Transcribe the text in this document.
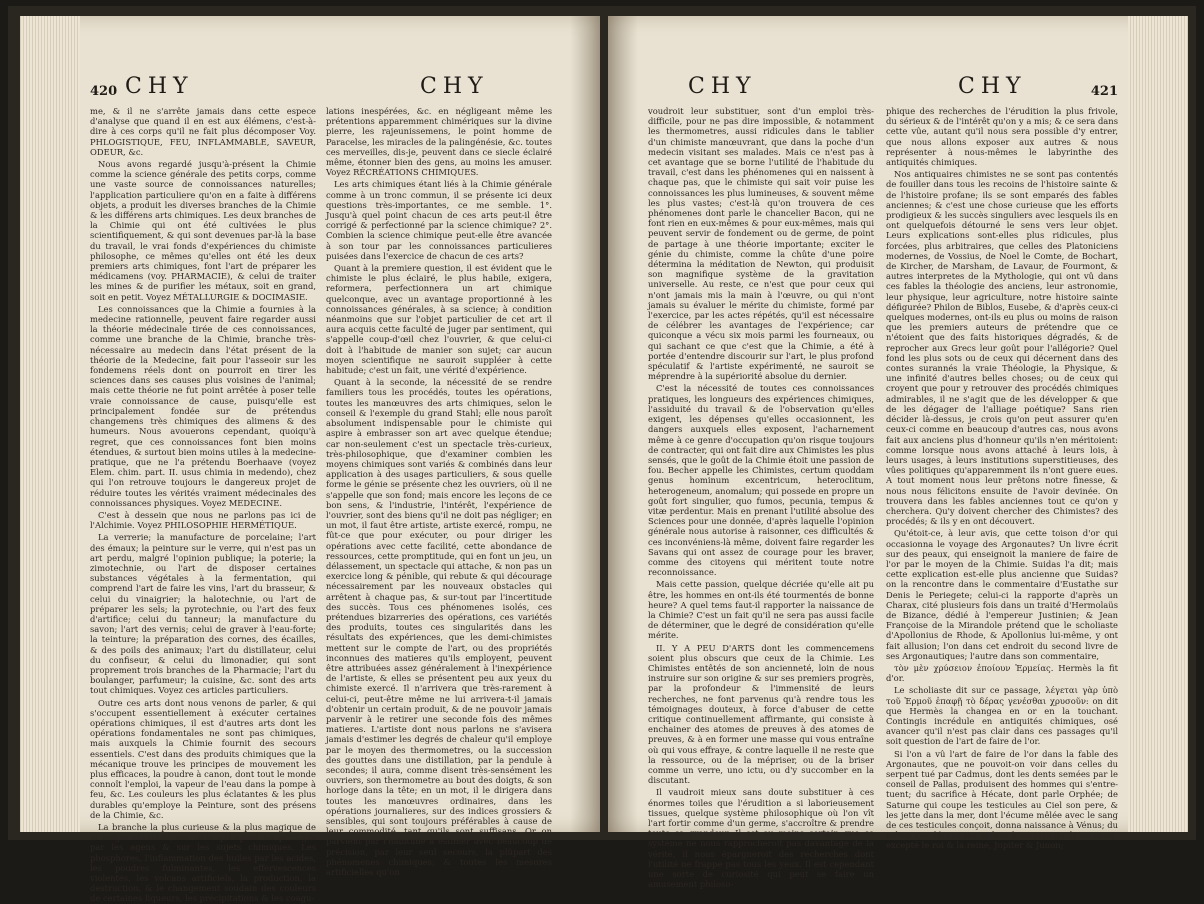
420 CHY	CHY

me, & il ne s'arrête jamais dans cette espece d'analyse que quand il en est aux élémens, c'est-à-dire à ces corps qu'il ne fait plus décomposer Voy. PHLOGISTIQUE, FEU, INFLAMMABLE, SAVEUR, ODEUR, &c.

Nous avons regardé jusqu'à-présent la Chimie comme la science générale des petits corps, comme une vaste source de connoissances naturelles; l'application particuliere qu'on en a faite à différens objets, a produit les diverses branches de la Chimie & les différens arts chimiques. Les deux branches de la Chimie qui ont été cultivées le plus scientifiquement, & qui sont devenues par-là la base du travail, le vrai fonds d'expériences du chimiste philosophe, ce mêmes qu'elles ont été les deux premiers arts chimiques, font l'art de préparer les médicamens (voy. PHARMACIE), & celui de traiter les mines & de purifier les métaux, soit en grand, soit en petit. Voyez MÉTALLURGIE & DOCIMASIE.

Les connoissances que la Chimie a fournies à la medecine rationnelle, peuvent faire regarder aussi la théorie médecinale tirée de ces connoissances, comme une branche de la Chimie, branche très-nécessaire au medecin dans l'état présent de la théorie de la Medecine, fait pour l'asseoir sur les fondemens réels dont on pourroit en tirer les sciences dans ses causes plus voisines de l'animal; mais cette théorie ne fut point arrêtée à poser telle vraie connoissance de cause, puisqu'elle est principalement fondée sur de prétendus changemens très chimiques des alimens & des humeurs. Nous avouerons cependant, quoiqu'à regret, que ces connoissances font bien moins étendues, & surtout bien moins utiles à la medecine-pratique, que ne l'a prétendu Boerhaave (voyez Elem. chim. part. II. usus chimia in medendo), chez qui l'on retrouve toujours le dangereux projet de réduire toutes les vérités vraiment médecinales des connoissances physiques. Voyez MEDECINE.

C'est à dessein que nous ne parlons pas ici de l'Alchimie. Voyez PHILOSOPHIE HERMÉTIQUE.

La verrerie; la manufacture de porcelaine; l'art des émaux; la peinture sur le verre, qui n'est pas un art perdu, malgré l'opinion publique; la poterie; la zimotechnie, ou l'art de disposer certaines substances végétales à la fermentation, qui comprend l'art de faire les vins, l'art du brasseur, & celui du vinaigrier; la halotechnie, ou l'art de préparer les sels; la pyrotechnie, ou l'art des feux d'artifice; celui du tanneur; la manufacture du savon; l'art des vernis; celui de graver à l'eau-forte; la teinture; la préparation des cornes, des écailles, & des poils des animaux; l'art du distillateur, celui du confiseur, & celui du limonadier, qui sont proprement trois branches de la Pharmacie; l'art du boulanger, parfumeur; la cuisine, &c. sont des arts tout chimiques. Voyez ces articles particuliers.

Outre ces arts dont nous venons de parler, & qui s'occupent essentiellement à exécuter certaines opérations chimiques, il est d'autres arts dont les opérations fondamentales ne sont pas chimiques, mais auxquels la Chimie fournit des secours essentiels. C'est dans des produits chimiques que la mécanique trouve les principes de mouvement les plus efficaces, la poudre à canon, dont tout le monde connoît l'emploi, la vapeur de l'eau dans la pompe à feu, &c. Les couleurs les plus éclatantes & les plus durables qu'employe la Peinture, sont des présens de la Chimie, &c.

La branche la plus curieuse & la plus magique de la magie naturelle, est celle qui opere les prodiges par les agens & sur les sujets chimiques. Les phosphores, l'inflammation des huiles par les acides, les poudres fulminantes, les effervescences violentes, les volcans artificiels, la production, la destruction, & le changement soudain des couleurs de certaines liqueurs, les précipitations & les coagu-

lations inespérées, &c. en négligeant même les prétentions apparemment chimériques sur la divine pierre, les rajeunissemens, le point homme de Paracelse, les miracles de la palingénésie, &c. toutes ces merveilles, dis-je, peuvent dans ce siecle éclairé même, étonner bien des gens, au moins les amuser. Voyez RÉCRÉATIONS CHIMIQUES.

Les arts chimiques étant liés à la Chimie générale comme à un tronc commun, il se présente ici deux questions très-importantes, ce me semble. 1°. Jusqu'à quel point chacun de ces arts peut-il être corrigé & perfectionné par la science chimique? 2°. Combien la science chimique peut-elle être avancée à son tour par les connoissances particulieres puisées dans l'exercice de chacun de ces arts?

Quant à la premiere question, il est évident que le chimiste le plus éclairé, le plus habile, exigera, reformera, perfectionnera un art chimique quelconque, avec un avantage proportionné à les connoissances générales, à sa science; à condition néanmoins que sur l'objet particulier de cet art il aura acquis cette faculté de juger par sentiment, qui s'appelle coup-d'œil chez l'ouvrier, & que celui-ci doit à l'habitude de manier son sujet; car aucun moyen scientifique ne sauroit suppléer à cette habitude; c'est un fait, une vérité d'expérience.

Quant à la seconde, la nécessité de se rendre familiers tous les procédés, toutes les opérations, toutes les manœuvres des arts chimiques, selon le conseil & l'exemple du grand Stahl; elle nous paroît absolument indispensable pour le chimiste qui aspire à embrasser son art avec quelque étendue; car non-seulement c'est un spectacle très-curieux, très-philosophique, que d'examiner combien les moyens chimiques sont variés & combinés dans leur application à des usages particuliers, & sous quelle forme le génie se présente chez les ouvriers, où il ne s'appelle que son fond; mais encore les leçons de ce bon sens, & l'industrie, l'intérêt, l'expérience de l'ouvrier, sont des biens qu'il ne doit pas négliger; en un mot, il faut être artiste, artiste exercé, rompu, ne fût-ce que pour exécuter, ou pour diriger les opérations avec cette facilité, cette abondance de ressources, cette promptitude, qui en font un jeu, un délassement, un spectacle qui attache, & non pas un exercice long & pénible, qui rebute & qui décourage nécessairement par les nouveaux obstacles qui arrêtent à chaque pas, & sur-tout par l'incertitude des succès. Tous ces phénomenes isolés, ces prétendues bizarreries des opérations, ces variétés des produits, toutes ces singularités dans les résultats des expériences, que les demi-chimistes mettent sur le compte de l'art, ou des propriétés inconnues des matieres qu'ils employent, peuvent être attribuées assez généralement à l'inexpérience de l'artiste, & elles se présentent peu aux yeux du chimiste exercé. Il n'arrivera que très-rarement à celui-ci, peut-être même ne lui arrivera-t-il jamais d'obtenir un certain produit, & de ne pouvoir jamais parvenir à le retirer une seconde fois des mêmes matieres. L'artiste dont nous parlons ne s'avisera jamais d'estimer les degrés de chaleur qu'il employe par le moyen des thermometres, ou la succession des gouttes dans une distillation, par la pendule à secondes; il aura, comme disent très-sensément les ouvriers, son thermometre au bout des doigts, & son horloge dans la tête; en un mot, il le dirigera dans toutes les manœuvres ordinaires, dans les opérations journalieres, sur des indices grossiers & sensibles, qui sont toujours préférables à cause de leur commodité, tant qu'ils sont suffisans. Or on parvient par l'habitude à estimer avec beaucoup de précision, par leur seul secours, la plûpart des phénomenes chimiques; & toutes les mesures artificielles qu'on

CHY	CHY	421

voudroit leur substituer, sont d'un emploi très-difficile, pour ne pas dire impossible, & notamment les thermometres, aussi ridicules dans le tablier d'un chimiste manœuvrant, que dans la poche d'un medecin visitant ses malades. Mais ce n'est pas à cet avantage que se borne l'utilité de l'habitude du travail, c'est dans les phénomenes qui en naissent à chaque pas, que le chimiste qui sait voir puise les connoissances les plus lumineuses, & souvent même les plus vastes; c'est-là qu'on trouvera de ces phénomenes dont parle le chancelier Bacon, qui ne font rien en eux-mêmes & pour eux-mêmes, mais qui peuvent servir de fondement ou de germe, de point de partage à une théorie importante; exciter le génie du chimiste, comme la chûte d'une poire détermina la méditation de Newton, qui produisit son magnifique système de la gravitation universelle. Au reste, ce n'est que pour ceux qui n'ont jamais mis la main à l'œuvre, ou qui n'ont jamais su évaluer le mérite du chimiste, formé par l'exercice, par les actes répétés, qu'il est nécessaire de célébrer les avantages de l'expérience; car quiconque a vécu six mois parmi les fourneaux, ou qui sachant ce que c'est que la Chimie, a été à portée d'entendre discourir sur l'art, le plus profond spéculatif & l'artiste expérimenté, ne sauroit se méprendre à la supériorité absolue du dernier.

C'est la nécessité de toutes ces connoissances pratiques, les longueurs des expériences chimiques, l'assiduité du travail & de l'observation qu'elles exigent, les dépenses qu'elles occasionnent, les dangers auxquels elles exposent, l'acharnement même à ce genre d'occupation qu'on risque toujours de contracter, qui ont fait dire aux Chimistes les plus sensés, que le goût de la Chimie étoit une passion de fou. Becher appelle les Chimistes, certum quoddam genus hominum excentricum, heteroclitum, heterogeneum, anomalum; qui possede en propre un goût fort singulier, quo fumos, pecunia, tempus & vitæ perdentur. Mais en prenant l'utilité absolue des Sciences pour une donnée, d'après laquelle l'opinion générale nous autorise à raisonner, ces difficultés & ces inconvéniens-là même, doivent faire regarder les Savans qui ont assez de courage pour les braver, comme des citoyens qui méritent toute notre reconnoissance.

Mais cette passion, quelque décriée qu'elle ait pu être, les hommes en ont-ils été tourmentés de bonne heure? A quel tems faut-il rapporter la naissance de la Chimie? C'est un fait qu'il ne sera pas aussi facile de déterminer, que le degré de considération qu'elle mérite.

II. Y A PEU D'ARTS dont les commencemens soient plus obscurs que ceux de la Chimie. Les Chimistes entêtés de son ancienneté, loin de nous instruire sur son origine & sur ses premiers progrès, par la profondeur & l'immensité de leurs recherches, ne font parvenus qu'à rendre tous les témoignages douteux, à force d'abuser de cette critique continuellement affirmante, qui consiste à enchainer des atomes de preuves à des atomes de preuves, & à en former une masse qui vous entraîne où qui vous effraye, & contre laquelle il ne reste que la ressource, ou de la mépriser, ou de la briser comme un verre, uno ictu, ou d'y succomber en la discutant.

Il vaudroit mieux sans doute substituer à ces énormes toiles que l'érudition a si laborieusement tissues, quelque système philosophique où l'on vît l'art fortir comme d'un germe, s'accroître & prendre toute sa grandeur. Il est au moins certain que ce système ne nous rapprocheroit pas davantage de la vérité, il nous épargneroit des recherches dont l'utilité ne frappe pas tous les yeux. Il est cependant une sorte de curiosité qui peut se faire un amusement philoso-

phique des recherches de l'érudition la plus frivole, du sérieux & de l'intérêt qu'on y a mis; & ce sera dans cette vûe, autant qu'il nous sera possible d'y entrer, que nous allons exposer aux autres & nous représenter à nous-mêmes le labyrinthe des antiquités chimiques.

Nos antiquaires chimistes ne se sont pas contentés de fouiller dans tous les recoins de l'histoire sainte & de l'histoire profane; ils se sont emparés des fables anciennes; & c'est une chose curieuse que les efforts prodigieux & les succès singuliers avec lesquels ils en ont quelquefois détourné le sens vers leur objet. Leurs explications sont-elles plus ridicules, plus forcées, plus arbitraires, que celles des Platoniciens modernes, de Vossius, de Noel le Comte, de Bochart, de Kircher, de Marsham, de Lavaur, de Fourmont, & autres interpretes de la Mythologie, qui ont vû dans ces fables la théologie des anciens, leur astronomie, leur physique, leur agriculture, notre histoire sainte défigurée? Philon de Biblos, Eusebe, & d'après ceux-ci quelques modernes, ont-ils eu plus ou moins de raison que les premiers auteurs de prétendre que ce n'étoient que des faits historiques dégradés, & de reprocher aux Grecs leur goût pour l'allégorie? Quel fond les plus sots ou de ceux qui décernent dans des contes surannés la vraie Théologie, la Physique, & une infinité d'autres belles choses; ou de ceux qui croyent que pour y retrouver des procédés chimiques admirables, il ne s'agit que de les développer & que de les dégager de l'alliage poétique? Sans rien décider là-dessus, je crois qu'on peut assurer qu'en ceux-ci comme en beaucoup d'autres cas, nous avons fait aux anciens plus d'honneur qu'ils n'en méritoient: comme lorsque nous avons attaché à leurs lois, à leurs usages, à leurs institutions superstitieuses, des vûes politiques qu'apparemment ils n'ont guere eues. A tout moment nous leur prêtons notre finesse, & nous nous félicitons ensuite de l'avoir devinée. On trouvera dans les fables anciennes tout ce qu'on y cherchera. Qu'y doivent chercher des Chimistes? des procédés; & ils y en ont découvert.

Qu'étoit-ce, à leur avis, que cette toison d'or qui occasionna le voyage des Argonautes? Un livre écrit sur des peaux, qui enseignoit la maniere de faire de l'or par le moyen de la Chimie. Suidas l'a dit; mais cette explication est-elle plus ancienne que Suidas? on la rencontre dans le commentaire d'Eustathe sur Denis le Periegete; celui-ci la rapporte d'après un Charax, cité plusieurs fois dans un traité d'Hermolaüs de Bizance, dédié à l'empereur Justinien; & Jean Françoise de la Mirandole prétend que le scholiaste d'Apollonius de Rhode, & Apollonius lui-même, y ont fait allusion; l'on dans cet endroit du second livre de ses Argonautiques; l'autre dans son commentaire,

τὸν μὲν χρύσειον ἐποίουν Ἑρμείας. Hermès la fit d'or.

Le scholiaste dit sur ce passage, λέγεται γὰρ ὑπὸ τοῦ Ἑρμοῦ ἐπαφῇ τὸ δέρας γενέσθαι χρυσοῦν: on dit que Hermès la changea en or en la touchant. Contingis incrédule en antiquités chimiques, osé avancer qu'il n'est pas clair dans ces passages qu'il soit question de l'art de faire de l'or.

Si l'on a vû l'art de faire de l'or dans la fable des Argonautes, que ne pouvoit-on voir dans celles du serpent tué par Cadmus, dont les dents semées par le conseil de Pallas, produisent des hommes qui s'entre-tuent; du sacrifice à Hécate, dont parle Orphée; de Saturne qui coupe les testicules au Ciel son pere, & les jette dans la mer, dont l'écume mêlée avec le sang de ces testicules conçoit, donna naissance à Vénus; du même qui dévore ses enfans à mesure qu'ils naissent, excepté le roi & la reine, Jupiter & Junon;
